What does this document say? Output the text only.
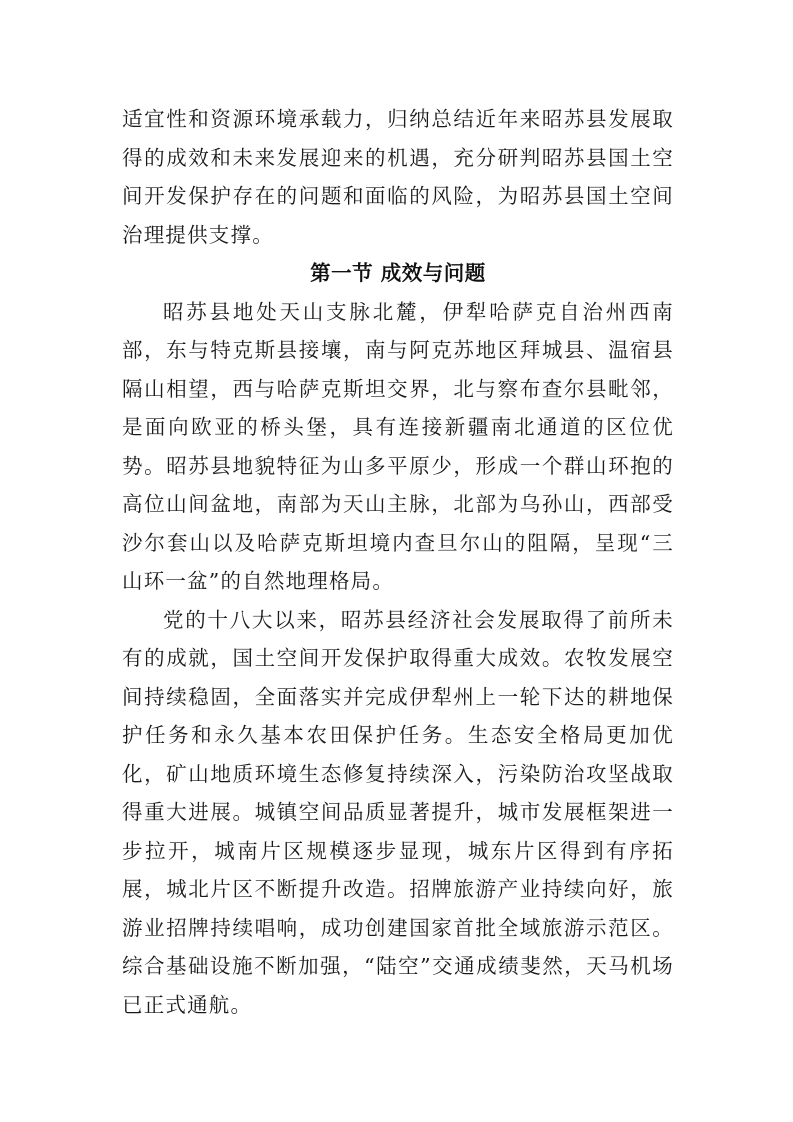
适宜性和资源环境承载力，归纳总结近年来昭苏县发展取得的成效和未来发展迎来的机遇，充分研判昭苏县国土空间开发保护存在的问题和面临的风险，为昭苏县国土空间治理提供支撑。

第一节 成效与问题

昭苏县地处天山支脉北麓，伊犁哈萨克自治州西南部，东与特克斯县接壤，南与阿克苏地区拜城县、温宿县隔山相望，西与哈萨克斯坦交界，北与察布查尔县毗邻，是面向欧亚的桥头堡，具有连接新疆南北通道的区位优势。昭苏县地貌特征为山多平原少，形成一个群山环抱的高位山间盆地，南部为天山主脉，北部为乌孙山，西部受沙尔套山以及哈萨克斯坦境内查旦尔山的阻隔，呈现“三山环一盆”的自然地理格局。

党的十八大以来，昭苏县经济社会发展取得了前所未有的成就，国土空间开发保护取得重大成效。农牧发展空间持续稳固，全面落实并完成伊犁州上一轮下达的耕地保护任务和永久基本农田保护任务。生态安全格局更加优化，矿山地质环境生态修复持续深入，污染防治攻坚战取得重大进展。城镇空间品质显著提升，城市发展框架进一步拉开，城南片区规模逐步显现，城东片区得到有序拓展，城北片区不断提升改造。招牌旅游产业持续向好，旅游业招牌持续唱响，成功创建国家首批全域旅游示范区。综合基础设施不断加强，“陆空”交通成绩斐然，天马机场已正式通航。
